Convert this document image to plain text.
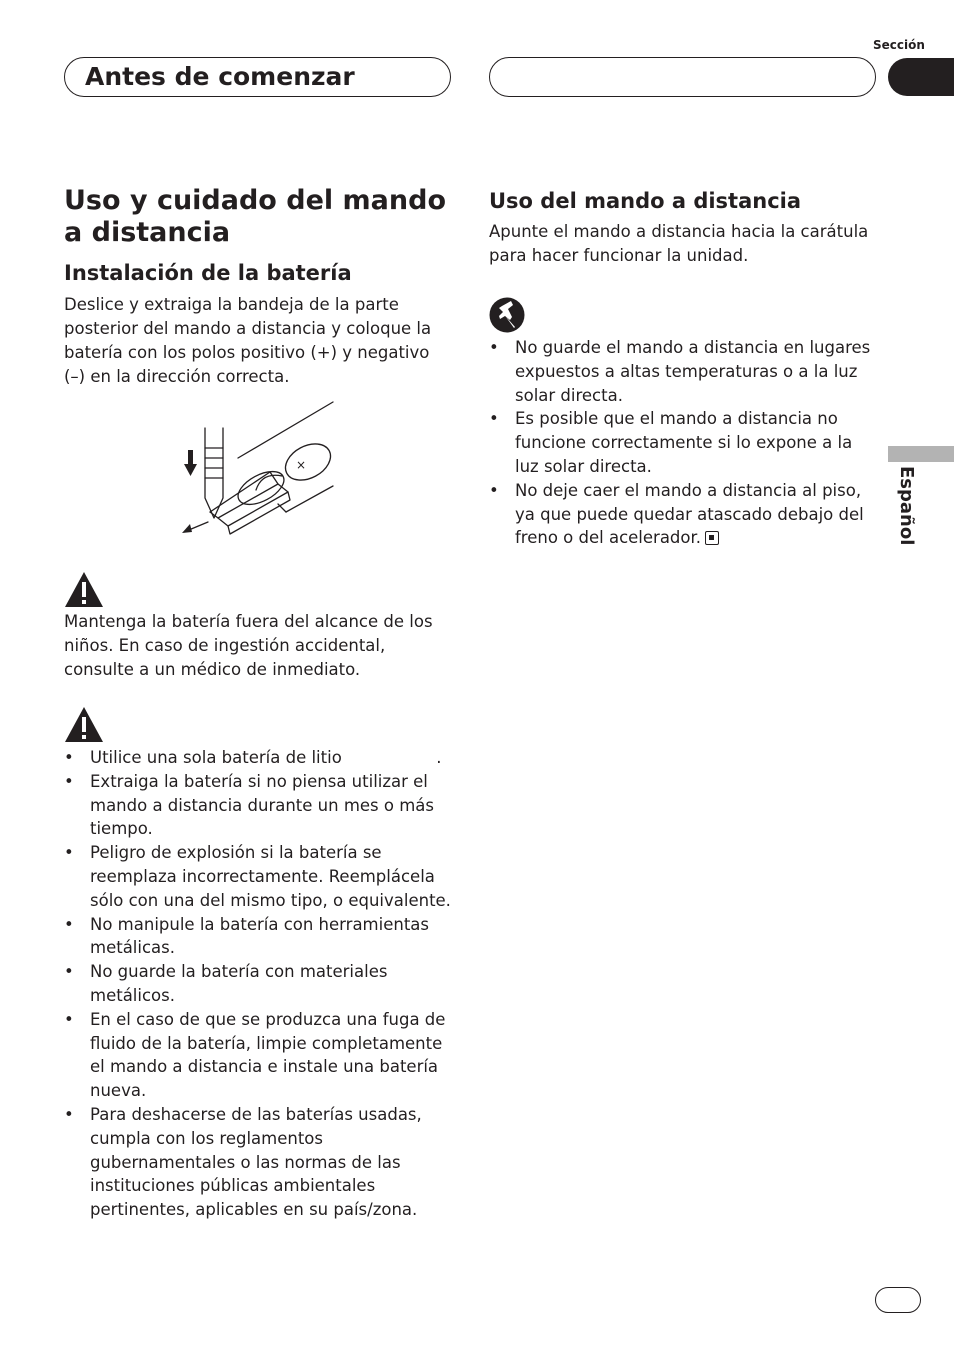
Sección
Antes de comenzar
Uso y cuidado del mando a distancia
Instalación de la batería

Deslice y extraiga la bandeja de la parte posterior del mando a distancia y coloque la batería con los polos positivo (+) y negativo (–) en la dirección correcta.

×

Mantenga la batería fuera del alcance de los niños. En caso de ingestión accidental, consulte a un médico de inmediato.

• Utilice una sola batería de litio                  .
• Extraiga la batería si no piensa utilizar el mando a distancia durante un mes o más tiempo.
• Peligro de explosión si la batería se reemplaza incorrectamente. Reemplácela sólo con una del mismo tipo, o equivalente.
• No manipule la batería con herramientas metálicas.
• No guarde la batería con materiales metálicos.
• En el caso de que se produzca una fuga de fluido de la batería, limpie completamente el mando a distancia e instale una batería nueva.
• Para deshacerse de las baterías usadas, cumpla con los reglamentos gubernamentales o las normas de las instituciones públicas ambientales pertinentes, aplicables en su país/zona.
Uso del mando a distancia

Apunte el mando a distancia hacia la carátula para hacer funcionar la unidad.

• No guarde el mando a distancia en lugares expuestos a altas temperaturas o a la luz solar directa.
• Es posible que el mando a distancia no funcione correctamente si lo expone a la luz solar directa.
• No deje caer el mando a distancia al piso, ya que puede quedar atascado debajo del freno o del acelerador.	Español
